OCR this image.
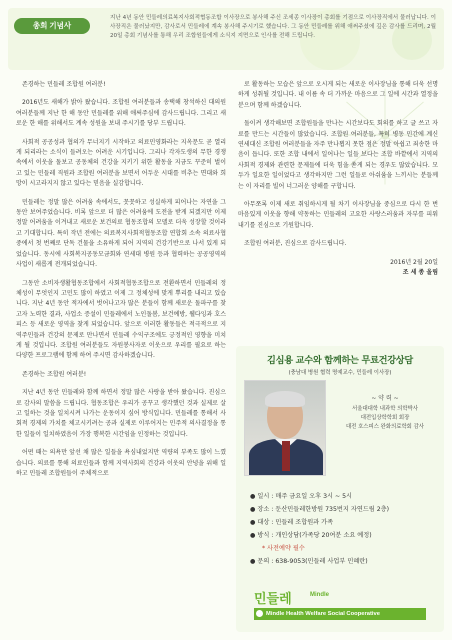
총회 기념사
지난 4년 동안 민들레의료복지사회적협동조합 이사장으로 봉사해 주신 조세종 이사장이 총회를 기점으로 이사장직에서 물러납니다. 이사장직은 물러났지만, 감사로서 민들레에 계속 봉사해 주시기로 했습니다. 그 동안 민들레를 위해 애써주셨에 깊은 감사를 드리며, 2월 20일 총회 기념사를 통해 우리 조합원들에게 소식지 지면으로 인사를 전해 드립니다.

존경하는 민들레 조합원 여러분!

2016년도 새해가 밝아 왔습니다. 조합원 여러분들과 송택해 창석하신 대의원 여러분들께 지난 한 해 동안 민들레를 위해 애써주심에 감사드립니다. 그리고 새로운 한 해를 위해서도 계속 성원을 보내 주시기를 당부 드립니다.

사회적 공공성과 협의가 무너지기 시작하고 의료민영화라는 지옥문도 곧 열리게 되리라는 소식이 들려오는 어려운 시기입니다. 그리나 각자도생의 무한 경쟁 속에서 이웃을 돌보고 공동체의 건강을 지키기 위한 활동을 지금도 꾸준히 벌이고 있는 민들레 직원과 조합원 여러분을 보면서 어두운 시대를 비추는 면대와 희망이 시고라지지 않고 있다는 믿음을 실감합니다.

민들레는 정말 많은 어려움 속에서도, 꼿꼿하고 성실하게 피어나는 자연을 그동안 보여주었습니다. 비록 앞으로 더 많은 어려움에 도전을 받게 되겠지만 이제 정말 어려움을 이겨내고 새로운 보건의료 협동조합의 모델로 더욱 성장할 것이라고 기대합니다. 특히 작년 전에는 의료복지사회적협동조합 연합회 소속 의료사협 중에서 첫 번째로 단독 건물을 소유하게 되어 지역의 건강기반으로 나서 있게 되었습니다. 동시에 사회복지공동모금회와 연세대 병원 등과 협력하는 공공영역의 사업이 새롭게 전개되었습니다.

그동안 소비자생활협동조합에서 사회적협동조합으로 전환하면서 민들레의 정체성이 무엇인지 고민도 많이 하였고 이제 그 정체성에 맞게 뿌리를 내리고 있습니다. 지난 4년 동안 적자에서 벗어나고자 많은 분들이 함께 새로운 돌파구를 찾고자 노력한 결과, 사업소 증설이 민들레에서 노인돌봄, 보건예방, 웰다잉과 호스피스 등 새로운 영역을 찾게 되었습니다. 앞으로 이러한 활동들은 적극적으로 지역주민들과 건강의 문제로 만나면서 민들레 수익구조에도 긍정적인 영향을 미치게 될 것입니다. 조합원 여러분들도 자원봉사자로 이웃으로 우리를 필요로 하는 다양한 프로그램에 함께 하여 주시면 감사하겠습니다.

존경하는 조합원 여러분!

지난 4년 동안 민들레와 함께 하면서 정말 많은 사랑을 받아 왔습니다. 진심으로 감사의 말씀을 드립니다. 협동조합은 우리가 공꾸고 생각했던 것과 실제로 살고 일하는 것을 일치시켜 나가는 운동이지 싶어 방식입니다. 민들레를 통해서 사회적 경제의 가치를 체고시키려는 공과 실제로 이루어지는 민주적 의사결정을 통한 일들이 일치하였음이 가장 행복한 시간임을 인정하는 것입니다.

어떤 때는 의욕만 앞선 채 많은 일들을 욕심내었지만 역량의 부족도 많이 느꼈습니다. 의료를 통해 의료인들과 함께 지역사회의 건강과 이웃의 안녕을 위해 일하고 민들레 조합원들이 주체적으로

로 활동하는 모습은 앞으로 오시게 되는 새로운 이사장님을 통해 더욱 선명하게 성취될 것입니다. 내 이름 속 더 가까운 마음으로 그 일에 시간과 열정을 분으며 함께 하겠습니다.

돌이켜 생각해보면 조합원들을 만나는 시간보다도 회의를 하고 글 쓰고 자료를 만드는 시간들이 많았습니다. 조합원 여러분들, 특히 병동 민간에 계신 연세대신 조합원 여러분들을 자주 만나뵙지 못한 점은 정말 아쉽고 죄송한 마음이 듭니다. 또한 조합 내에서 일어나는 일들 보다는 조합 바깥에서 지역의 사회적 경제와 관련한 문제들에 더욱 힘을 쏟게 되는 경우도 많았습니다. 모두가 일요한 일이었다고 생각하지만 그런 일들로 아쉬움을 느끼시는 분들께는 이 자리를 빌어 너그러운 양해를 구합니다.

아무쪼록 이제 새로 취임하시게 될 차기 이사장님을 중심으로 다시 한 번 마음있게 이웃을 향해 약동하는 민들레의 고요한 사랑스러움과 자부를 피워내기를 진심으로 기원합니다.

조합원 여러분, 진심으로 감사드립니다.

2016년 2월 20일
조 세 종 올림
김심용 교수와 함께하는 무료건강상담
(충남대 병원 협력 명예교수, 민들레 이사장)
~ 약 력 ~
서울대대학 내과학 의학박사
대전입상학학회 회장
대전 호스피스 완화의료학회 감사
● 일시 : 매주 금요일 오후 3시 ~ 5시
● 장소 : 둔산민들레한방원 735번지 자연드림 2층)
● 대상 : 민들레 조합원과 가족
● 방식 : 개인상담(가족당 20여분 소요 예정)
* 사전예약 필수
● 문의 : 638-9053(민들레 사업부 민혜란)
민들레	Mindle
Mindle Health Welfare Social Cooperative
